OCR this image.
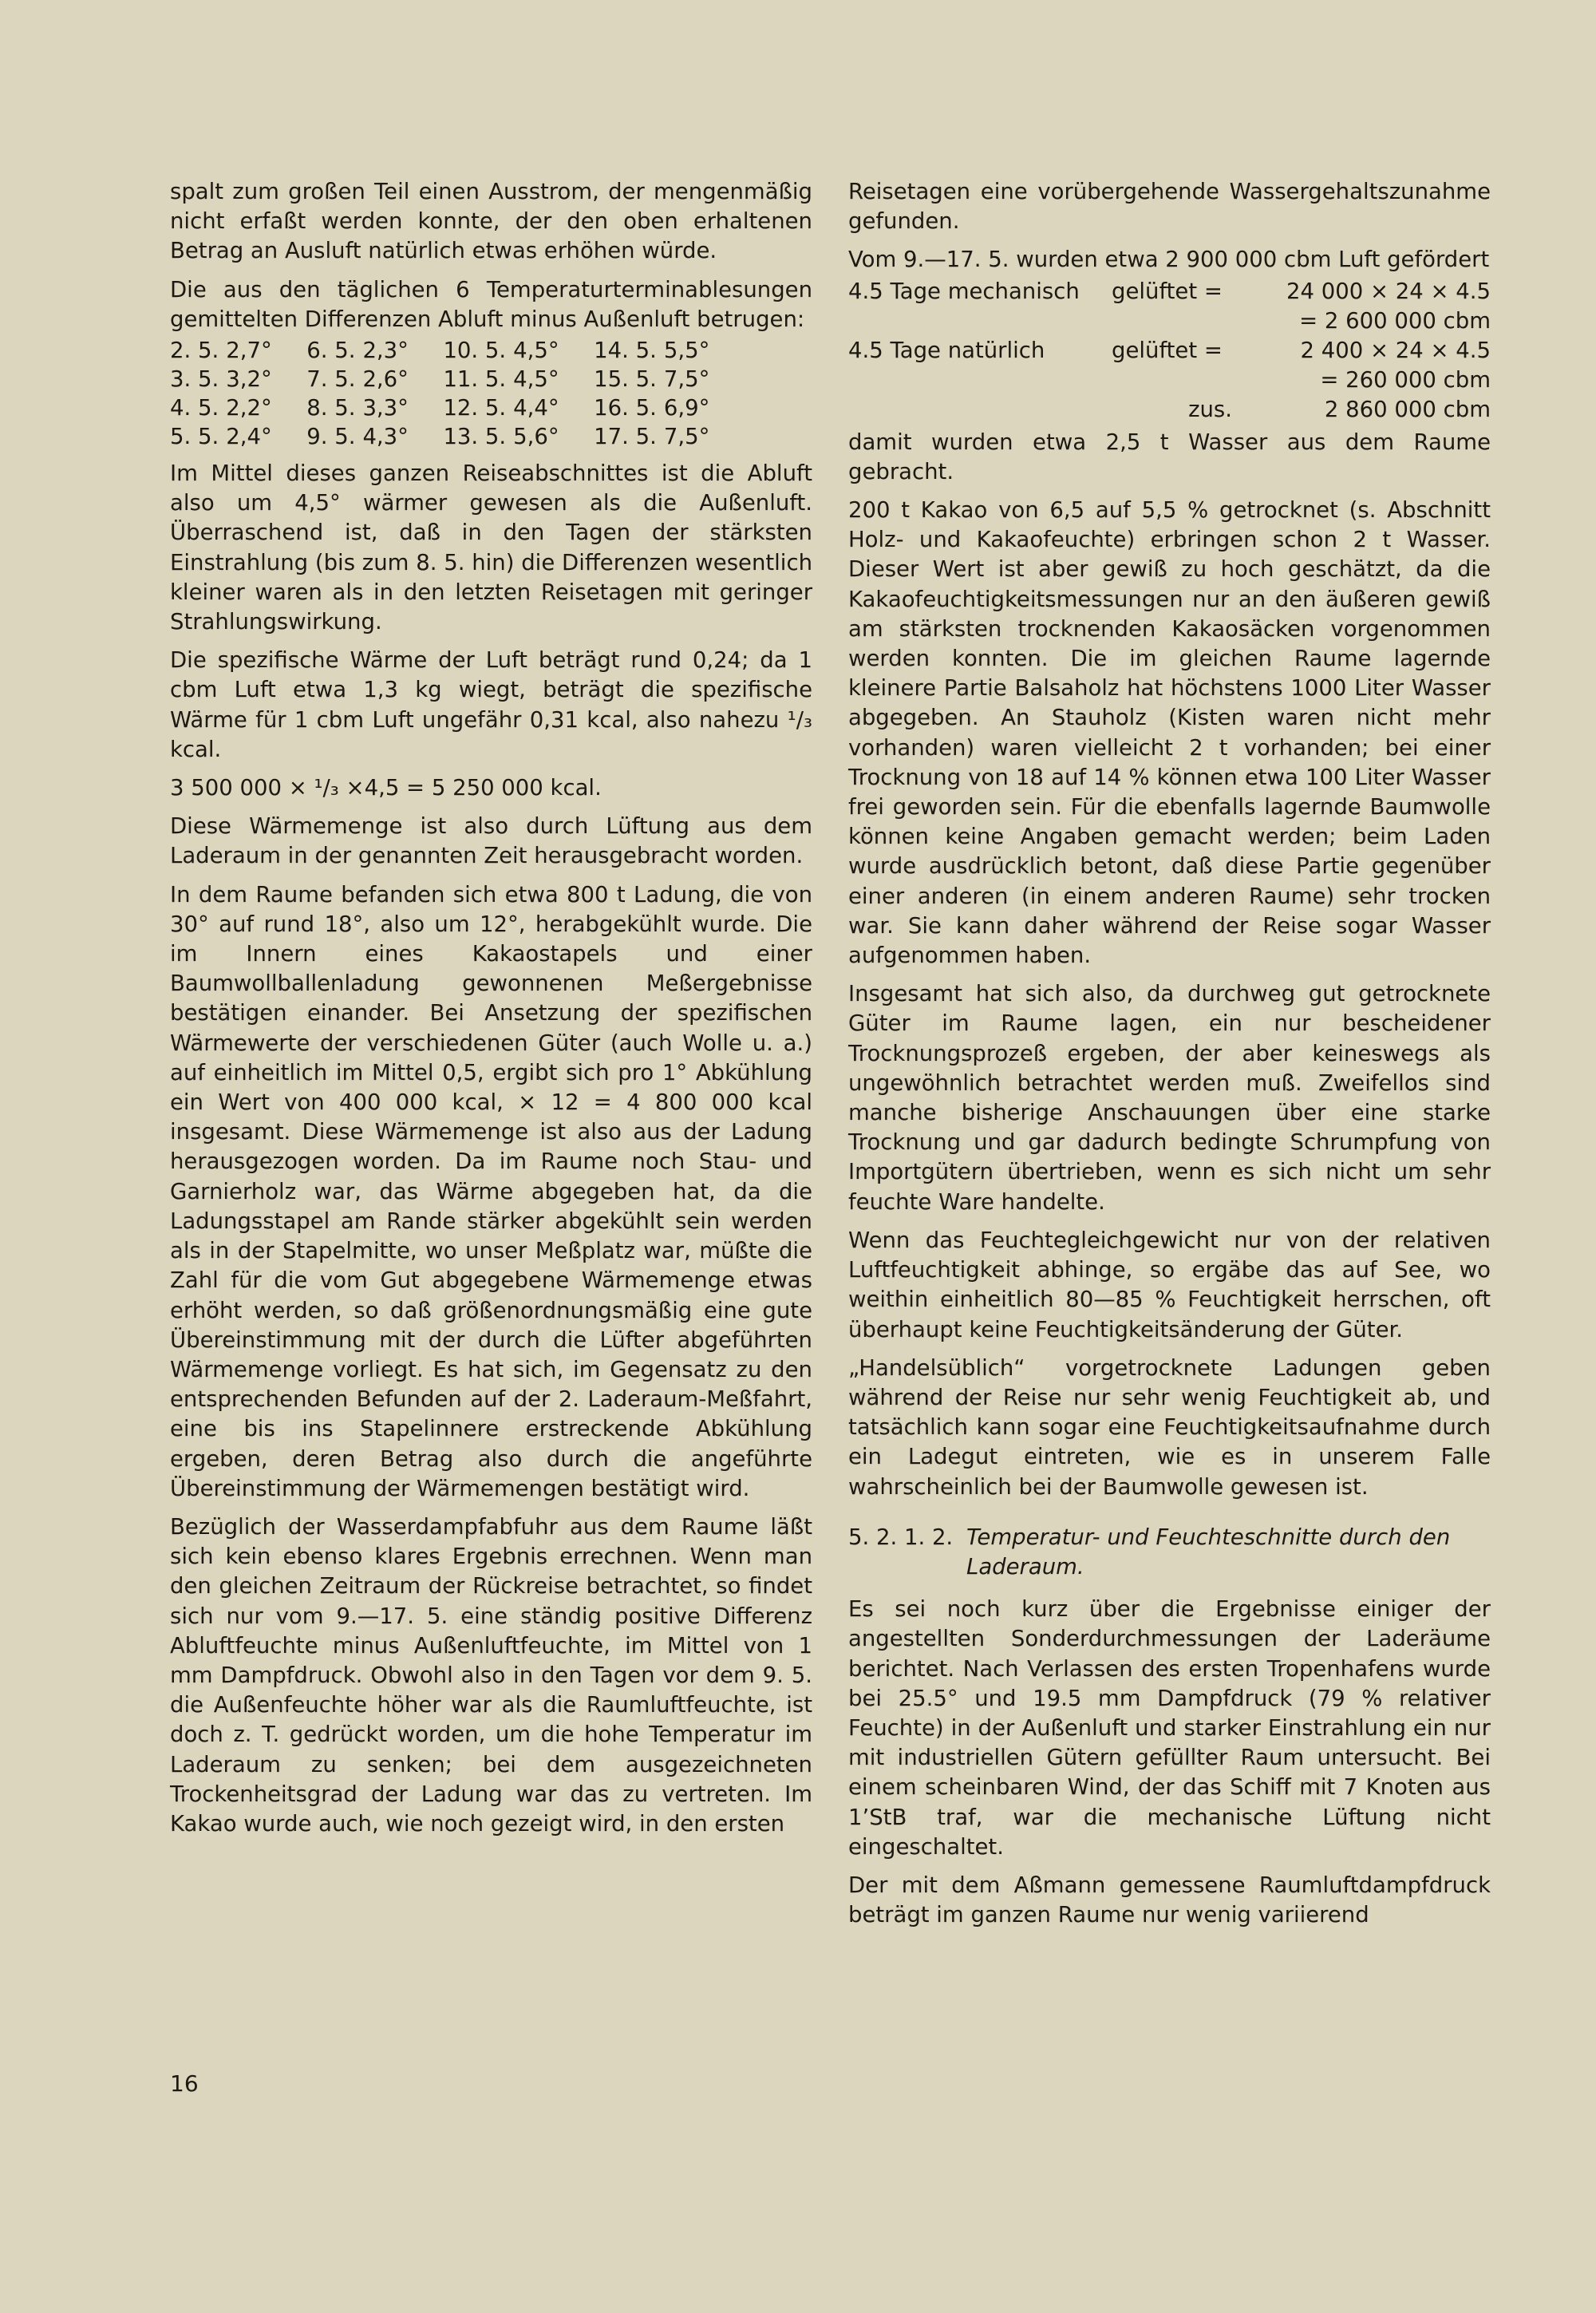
spalt zum großen Teil einen Ausstrom, der mengenmäßig nicht erfaßt werden konnte, der den oben erhaltenen Betrag an Ausluft natürlich etwas erhöhen würde.

Die aus den täglichen 6 Temperaturterminablesungen gemittelten Differenzen Abluft minus Außenluft betrugen:

2. 5.	2,7°	6. 5.	2,3°	10. 5.	4,5°	14. 5.	5,5°
3. 5.	3,2°	7. 5.	2,6°	11. 5.	4,5°	15. 5.	7,5°
4. 5.	2,2°	8. 5.	3,3°	12. 5.	4,4°	16. 5.	6,9°
5. 5.	2,4°	9. 5.	4,3°	13. 5.	5,6°	17. 5.	7,5°

Im Mittel dieses ganzen Reiseabschnittes ist die Abluft also um 4,5° wärmer gewesen als die Außenluft. Überraschend ist, daß in den Tagen der stärksten Einstrahlung (bis zum 8. 5. hin) die Differenzen wesentlich kleiner waren als in den letzten Reisetagen mit geringer Strahlungswirkung.

Die spezifische Wärme der Luft beträgt rund 0,24; da 1 cbm Luft etwa 1,3 kg wiegt, beträgt die spezifische Wärme für 1 cbm Luft ungefähr 0,31 kcal, also nahezu ¹/₃ kcal.

3 500 000 × ¹/₃ ×4,5 = 5 250 000 kcal.

Diese Wärmemenge ist also durch Lüftung aus dem Laderaum in der genannten Zeit herausgebracht worden.

In dem Raume befanden sich etwa 800 t Ladung, die von 30° auf rund 18°, also um 12°, herabgekühlt wurde. Die im Innern eines Kakaostapels und einer Baumwollballenladung gewonnenen Meßergebnisse bestätigen einander. Bei Ansetzung der spezifischen Wärmewerte der verschiedenen Güter (auch Wolle u. a.) auf einheitlich im Mittel 0,5, ergibt sich pro 1° Abkühlung ein Wert von 400 000 kcal, × 12 = 4 800 000 kcal insgesamt. Diese Wärmemenge ist also aus der Ladung herausgezogen worden. Da im Raume noch Stau- und Garnierholz war, das Wärme abgegeben hat, da die Ladungsstapel am Rande stärker abgekühlt sein werden als in der Stapelmitte, wo unser Meßplatz war, müßte die Zahl für die vom Gut abgegebene Wärmemenge etwas erhöht werden, so daß größenordnungsmäßig eine gute Übereinstimmung mit der durch die Lüfter abgeführten Wärmemenge vorliegt. Es hat sich, im Gegensatz zu den entsprechenden Befunden auf der 2. Laderaum-Meßfahrt, eine bis ins Stapelinnere erstreckende Abkühlung ergeben, deren Betrag also durch die angeführte Übereinstimmung der Wärmemengen bestätigt wird.

Bezüglich der Wasserdampfabfuhr aus dem Raume läßt sich kein ebenso klares Ergebnis errechnen. Wenn man den gleichen Zeitraum der Rückreise betrachtet, so findet sich nur vom 9.—17. 5. eine ständig positive Differenz Abluftfeuchte minus Außenluftfeuchte, im Mittel von 1 mm Dampfdruck. Obwohl also in den Tagen vor dem 9. 5. die Außenfeuchte höher war als die Raumluftfeuchte, ist doch z. T. gedrückt worden, um die hohe Temperatur im Laderaum zu senken; bei dem ausgezeichneten Trockenheitsgrad der Ladung war das zu vertreten. Im Kakao wurde auch, wie noch gezeigt wird, in den ersten

Reisetagen eine vorübergehende Wassergehaltszunahme gefunden.

Vom 9.—17. 5. wurden etwa 2 900 000 cbm Luft gefördert

4.5 Tage mechanisch	gelüftet =	24 000 × 24 × 4.5
		= 2 600 000 cbm
4.5 Tage natürlich	gelüftet =	2 400 × 24 × 4.5
		= 260 000 cbm
	zus.	2 860 000 cbm

damit wurden etwa 2,5 t Wasser aus dem Raume gebracht.

200 t Kakao von 6,5 auf 5,5 % getrocknet (s. Abschnitt Holz- und Kakaofeuchte) erbringen schon 2 t Wasser. Dieser Wert ist aber gewiß zu hoch geschätzt, da die Kakaofeuchtigkeitsmessungen nur an den äußeren gewiß am stärksten trocknenden Kakaosäcken vorgenommen werden konnten. Die im gleichen Raume lagernde kleinere Partie Balsaholz hat höchstens 1000 Liter Wasser abgegeben. An Stauholz (Kisten waren nicht mehr vorhanden) waren vielleicht 2 t vorhanden; bei einer Trocknung von 18 auf 14 % können etwa 100 Liter Wasser frei geworden sein. Für die ebenfalls lagernde Baumwolle können keine Angaben gemacht werden; beim Laden wurde ausdrücklich betont, daß diese Partie gegenüber einer anderen (in einem anderen Raume) sehr trocken war. Sie kann daher während der Reise sogar Wasser aufgenommen haben.

Insgesamt hat sich also, da durchweg gut getrocknete Güter im Raume lagen, ein nur bescheidener Trocknungsprozeß ergeben, der aber keineswegs als ungewöhnlich betrachtet werden muß. Zweifellos sind manche bisherige Anschauungen über eine starke Trocknung und gar dadurch bedingte Schrumpfung von Importgütern übertrieben, wenn es sich nicht um sehr feuchte Ware handelte.

Wenn das Feuchtegleichgewicht nur von der relativen Luftfeuchtigkeit abhinge, so ergäbe das auf See, wo weithin einheitlich 80—85 % Feuchtigkeit herrschen, oft überhaupt keine Feuchtigkeitsänderung der Güter.

„Handelsüblich“ vorgetrocknete Ladungen geben während der Reise nur sehr wenig Feuchtigkeit ab, und tatsächlich kann sogar eine Feuchtigkeitsaufnahme durch ein Ladegut eintreten, wie es in unserem Falle wahrscheinlich bei der Baumwolle gewesen ist.

5. 2. 1. 2. Temperatur- und Feuchteschnitte durch den Laderaum.

Es sei noch kurz über die Ergebnisse einiger der angestellten Sonderdurchmessungen der Laderäume berichtet. Nach Verlassen des ersten Tropenhafens wurde bei 25.5° und 19.5 mm Dampfdruck (79 % relativer Feuchte) in der Außenluft und starker Einstrahlung ein nur mit industriellen Gütern gefüllter Raum untersucht. Bei einem scheinbaren Wind, der das Schiff mit 7 Knoten aus 1’StB traf, war die mechanische Lüftung nicht eingeschaltet.

Der mit dem Aßmann gemessene Raumluftdampfdruck beträgt im ganzen Raume nur wenig variierend

16
